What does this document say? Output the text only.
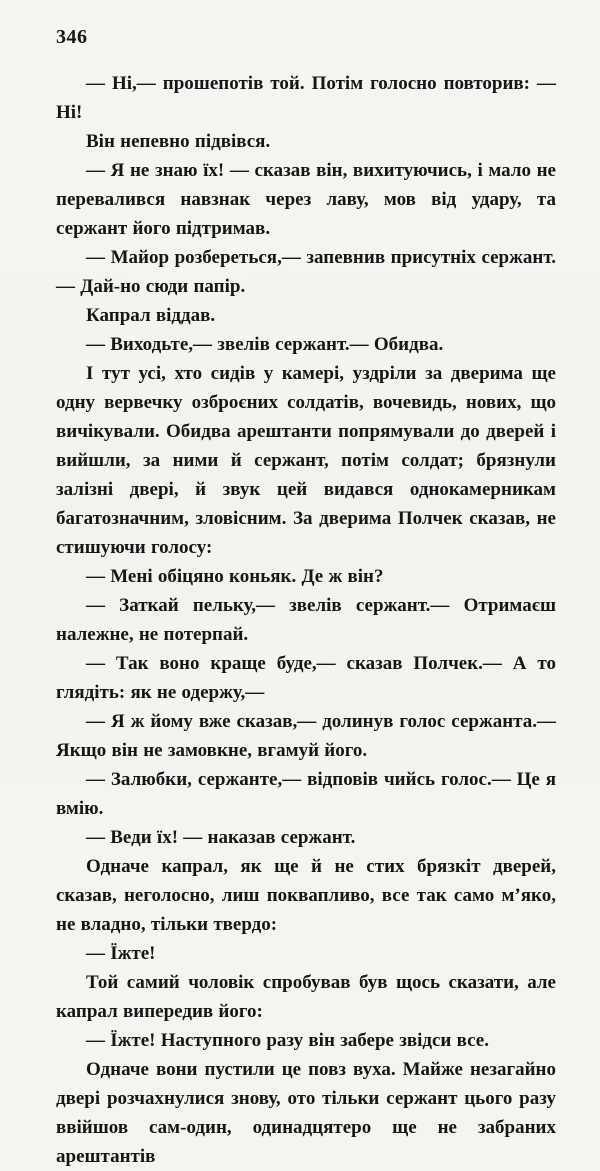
346

— Ні,— прошепотів той. Потім голосно повторив: — Ні!

Він непевно підвівся.

— Я не знаю їх! — сказав він, вихитуючись, і мало не перевалився навзнак через лаву, мов від удару, та сержант його підтримав.

— Майор розбереться,— запевнив присутніх сержант.— Дай-но сюди папір.

Капрал віддав.

— Виходьте,— звелів сержант.— Обидва.

І тут усі, хто сидів у камері, уздріли за дверима ще одну вервечку озброєних солдатів, вочевидь, нових, що вичікували. Обидва арештанти попрямували до дверей і вийшли, за ними й сержант, потім солдат; брязнули залізні двері, й звук цей видався однокамерникам багатозначним, зловісним. За дверима Полчек сказав, не стишуючи голосу:

— Мені обіцяно коньяк. Де ж він?

— Заткай пельку,— звелів сержант.— Отримаєш належне, не потерпай.

— Так воно краще буде,— сказав Полчек.— А то глядіть: як не одержу,—

— Я ж йому вже сказав,— долинув голос сержанта.— Якщо він не замовкне, вгамуй його.

— Залюбки, сержанте,— відповів чийсь голос.— Це я вмію.

— Веди їх! — наказав сержант.

Одначе капрал, як ще й не стих брязкіт дверей, сказав, неголосно, лиш поквапливо, все так само м’яко, не владно, тільки твердо:

— Їжте!

Той самий чоловік спробував був щось сказати, але капрал випередив його:

— Їжте! Наступного разу він забере звідси все.

Одначе вони пустили це повз вуха. Майже незагайно двері розчахнулися знову, ото тільки сержант цього разу ввійшов сам-один, одинадцятеро ще не забраних арештантів
